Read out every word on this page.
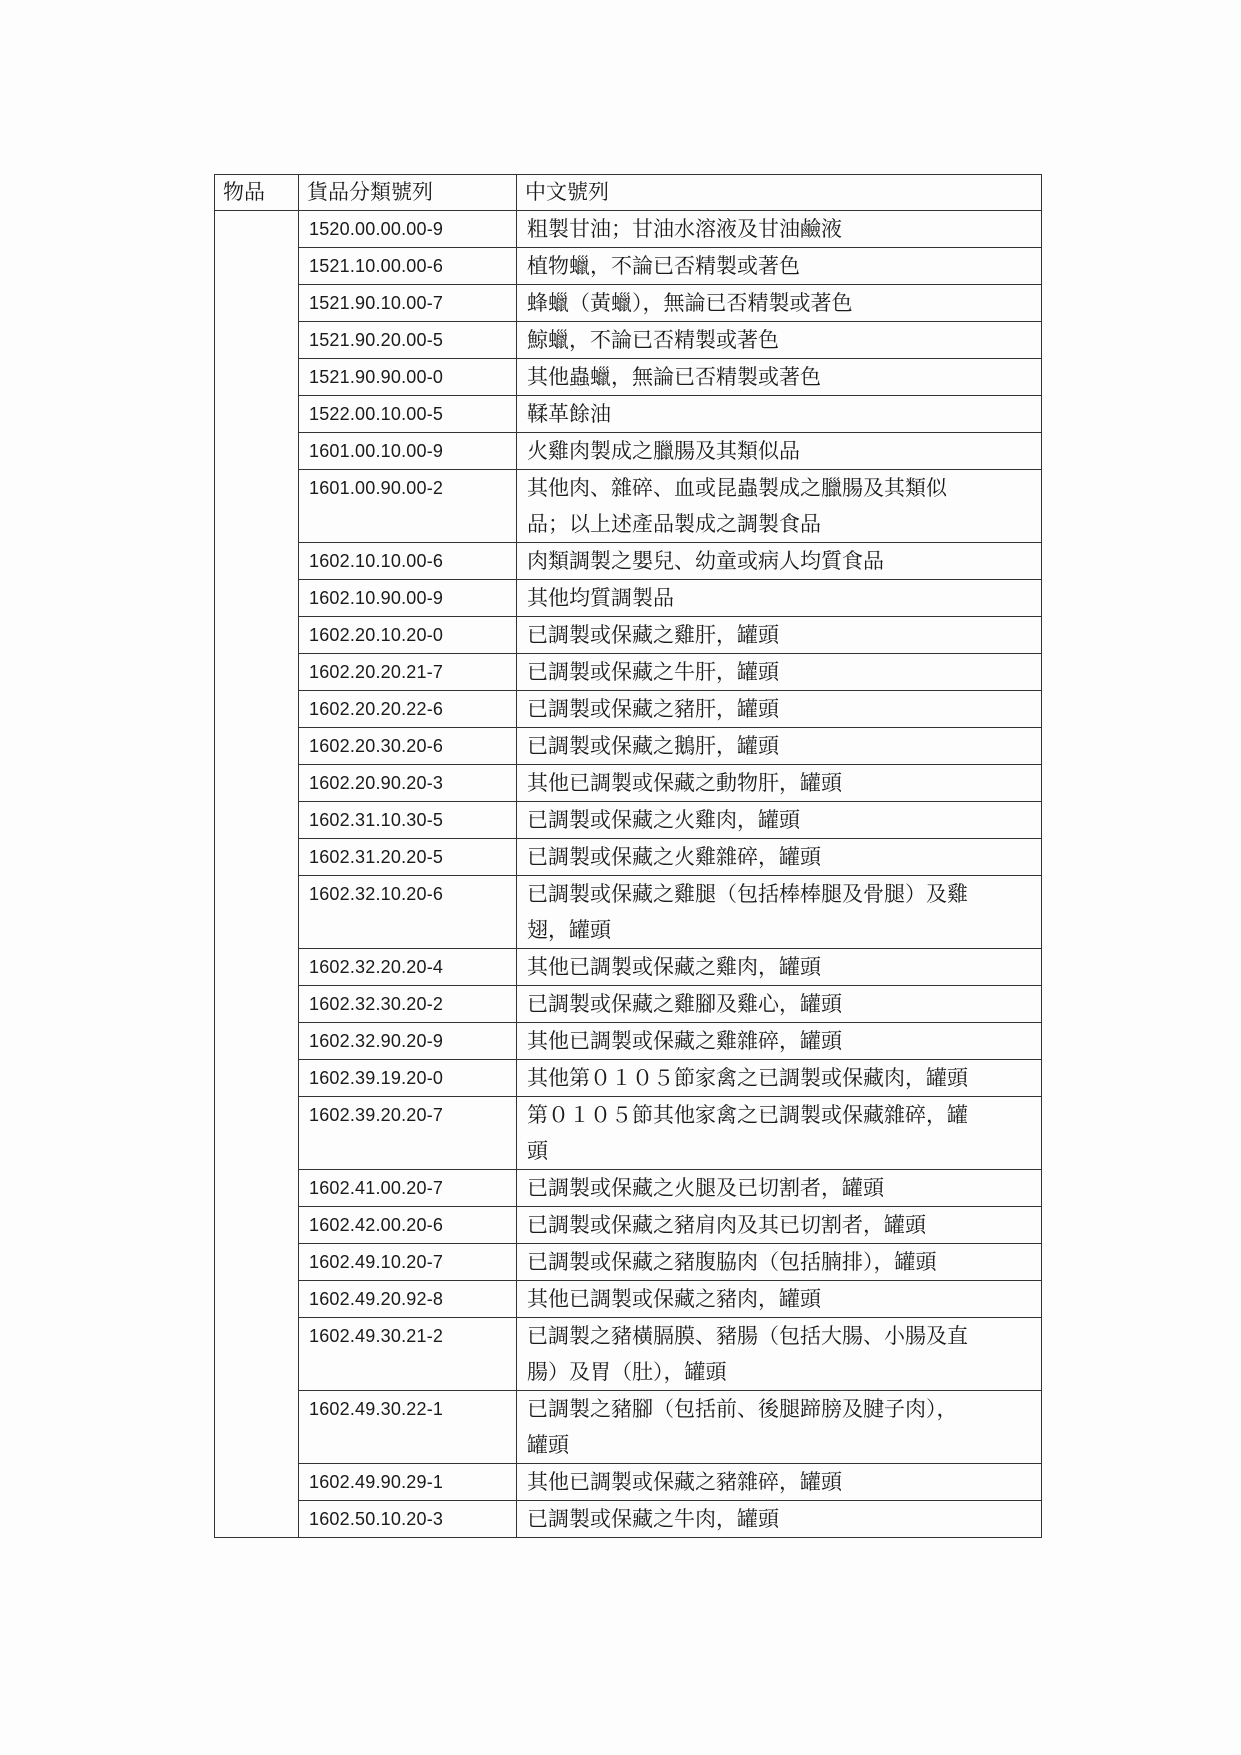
物品	貨品分類號列	中文號列
	1520.00.00.00-9	粗製甘油；甘油水溶液及甘油鹼液
	1521.10.00.00-6	植物蠟，不論已否精製或著色
	1521.90.10.00-7	蜂蠟（黃蠟），無論已否精製或著色
	1521.90.20.00-5	鯨蠟，不論已否精製或著色
	1521.90.90.00-0	其他蟲蠟，無論已否精製或著色
	1522.00.10.00-5	鞣革餘油
	1601.00.10.00-9	火雞肉製成之臘腸及其類似品
	1601.00.90.00-2	其他肉、雜碎、血或昆蟲製成之臘腸及其類似
品；以上述產品製成之調製食品
	1602.10.10.00-6	肉類調製之嬰兒、幼童或病人均質食品
	1602.10.90.00-9	其他均質調製品
	1602.20.10.20-0	已調製或保藏之雞肝，罐頭
	1602.20.20.21-7	已調製或保藏之牛肝，罐頭
	1602.20.20.22-6	已調製或保藏之豬肝，罐頭
	1602.20.30.20-6	已調製或保藏之鵝肝，罐頭
	1602.20.90.20-3	其他已調製或保藏之動物肝，罐頭
	1602.31.10.30-5	已調製或保藏之火雞肉，罐頭
	1602.31.20.20-5	已調製或保藏之火雞雜碎，罐頭
	1602.32.10.20-6	已調製或保藏之雞腿（包括棒棒腿及骨腿）及雞
翅，罐頭
	1602.32.20.20-4	其他已調製或保藏之雞肉，罐頭
	1602.32.30.20-2	已調製或保藏之雞腳及雞心，罐頭
	1602.32.90.20-9	其他已調製或保藏之雞雜碎，罐頭
	1602.39.19.20-0	其他第０１０５節家禽之已調製或保藏肉，罐頭
	1602.39.20.20-7	第０１０５節其他家禽之已調製或保藏雜碎，罐
頭
	1602.41.00.20-7	已調製或保藏之火腿及已切割者，罐頭
	1602.42.00.20-6	已調製或保藏之豬肩肉及其已切割者，罐頭
	1602.49.10.20-7	已調製或保藏之豬腹脇肉（包括腩排），罐頭
	1602.49.20.92-8	其他已調製或保藏之豬肉，罐頭
	1602.49.30.21-2	已調製之豬橫膈膜、豬腸（包括大腸、小腸及直
腸）及胃（肚），罐頭
	1602.49.30.22-1	已調製之豬腳（包括前、後腿蹄膀及腱子肉），
罐頭
	1602.49.90.29-1	其他已調製或保藏之豬雜碎，罐頭
	1602.50.10.20-3	已調製或保藏之牛肉，罐頭
